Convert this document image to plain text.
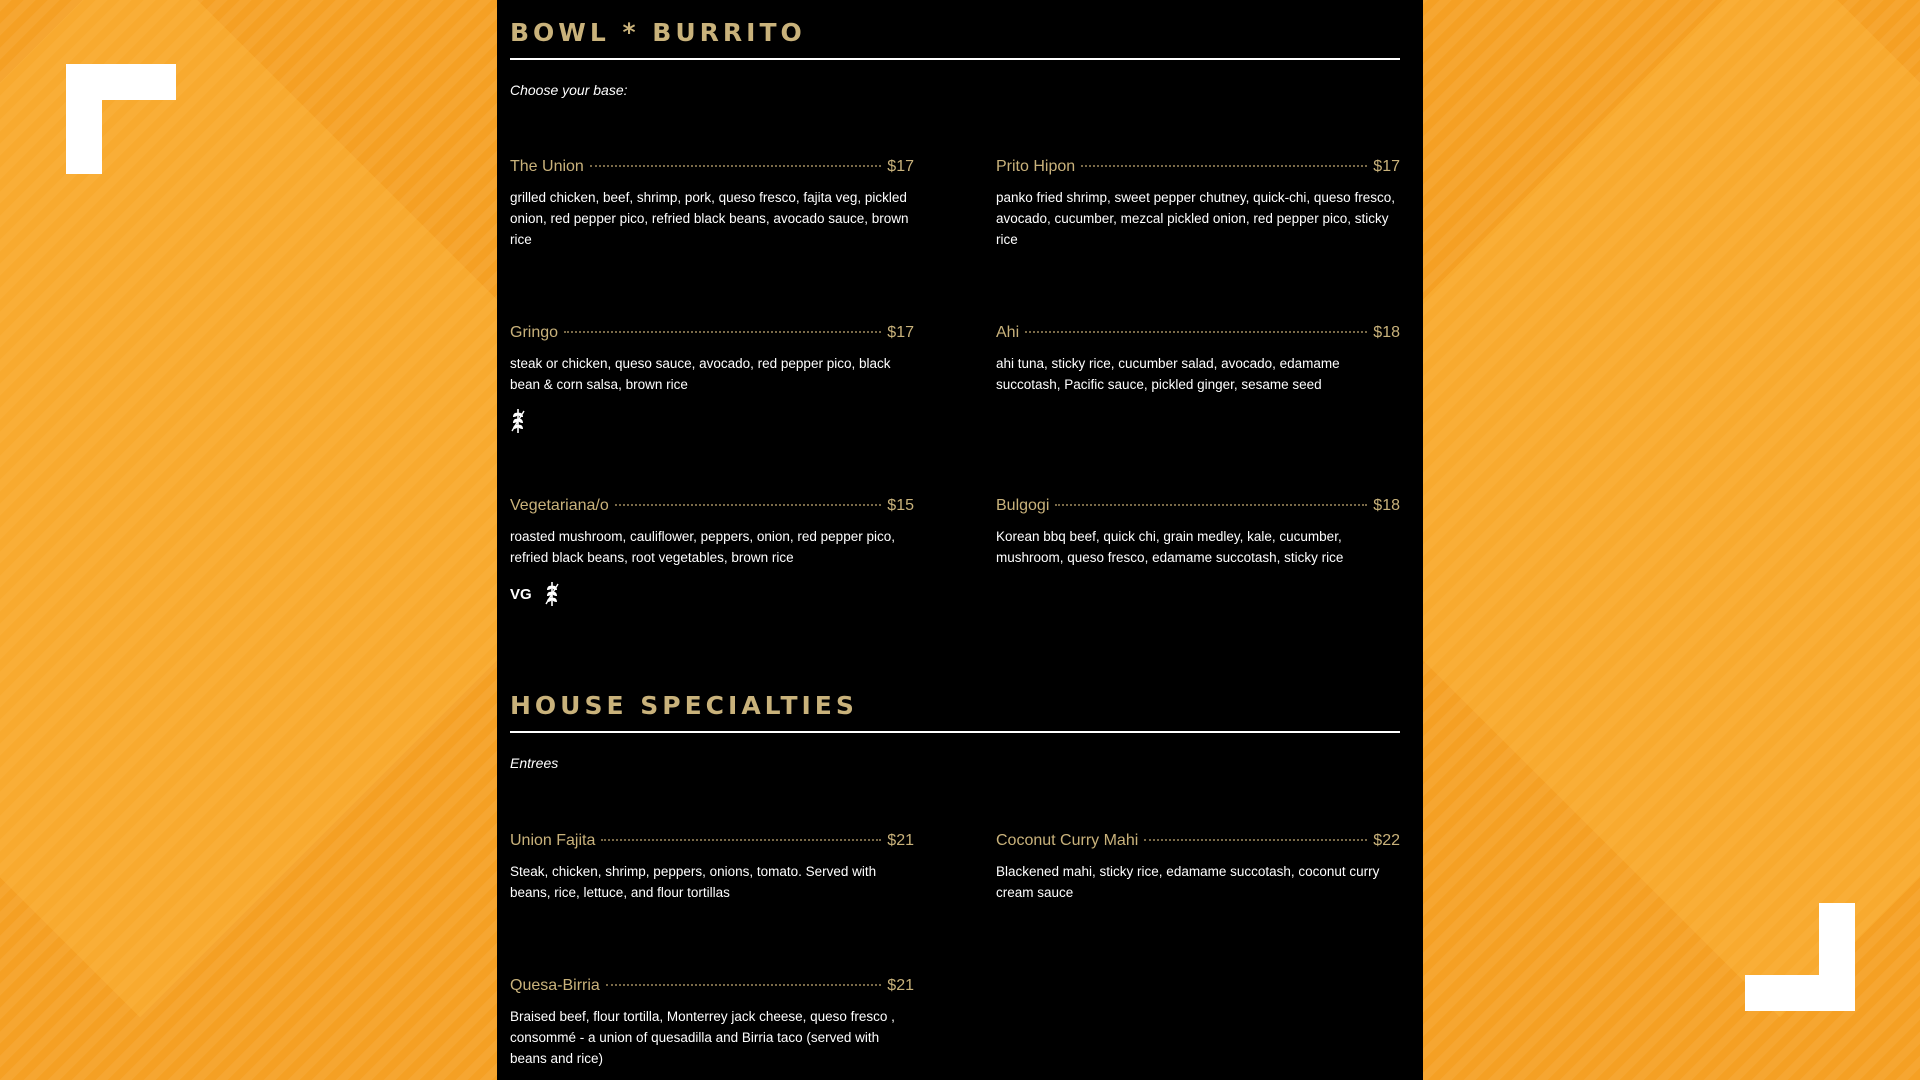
BOWL * BURRITO
Choose your base:
The Union	$17
grilled chicken, beef, shrimp, pork, queso fresco, fajita veg, pickled onion, red pepper pico, refried black beans, avocado sauce, brown rice
Prito Hipon	$17
panko fried shrimp, sweet pepper chutney, quick-chi, queso fresco, avocado, cucumber, mezcal pickled onion, red pepper pico, sticky rice
Gringo	$17
steak or chicken, queso sauce, avocado, red pepper pico, black bean & corn salsa, brown rice
Ahi	$18
ahi tuna, sticky rice, cucumber salad, avocado, edamame succotash, Pacific sauce, pickled ginger, sesame seed
Vegetariana/o	$15
roasted mushroom, cauliflower, peppers, onion, red pepper pico, refried black beans, root vegetables, brown rice
VG
Bulgogi	$18
Korean bbq beef, quick chi, grain medley, kale, cucumber, mushroom, queso fresco, edamame succotash, sticky rice
HOUSE SPECIALTIES
Entrees
Union Fajita	$21
Steak, chicken, shrimp, peppers, onions, tomato. Served with beans, rice, lettuce, and flour tortillas
Coconut Curry Mahi	$22
Blackened mahi, sticky rice, edamame succotash, coconut curry cream sauce
Quesa-Birria	$21
Braised beef, flour tortilla, Monterrey jack cheese, queso fresco , consommé - a union of quesadilla and Birria taco (served with beans and rice)
